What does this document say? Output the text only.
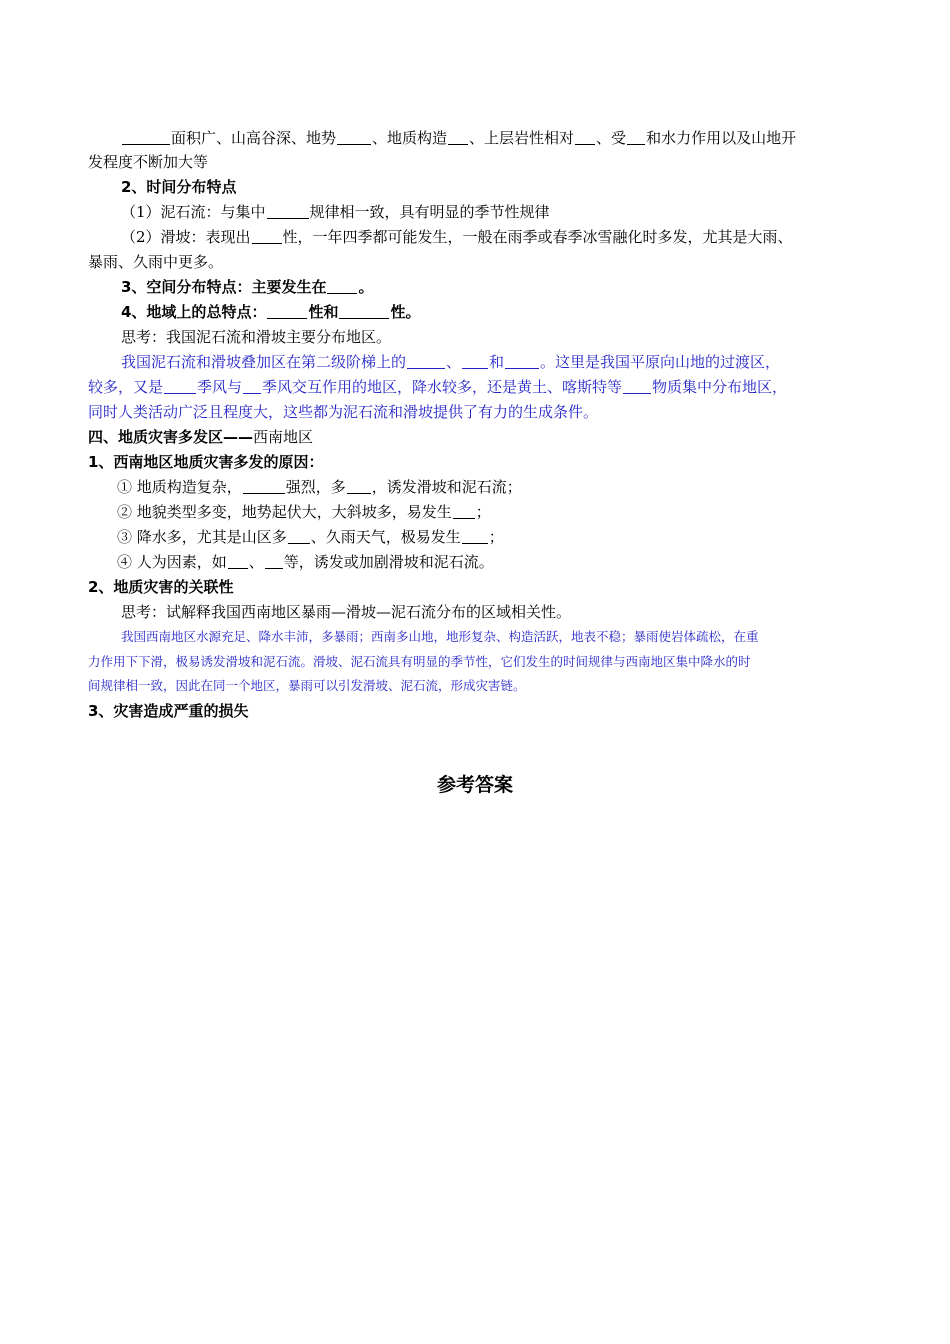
面积广、山高谷深、地势 、地质构造 、上层岩性相对 、受 和水力作用以及山地开
发程度不断加大等
2、时间分布特点
（1）泥石流：与集中	规律相一致，具有明显的季节性规律
（2）滑坡：表现出 性，一年四季都可能发生，一般在雨季或春季冰雪融化时多发，尤其是大雨、
暴雨、久雨中更多。
3、空间分布特点：主要发生在 。
4、地域上的总特点：	性和	性。
思考：我国泥石流和滑坡主要分布地区。
我国泥石流和滑坡叠加区在第二级阶梯上的	、 和 。这里是我国平原向山地的过渡区，
较多，又是 季风与 季风交互作用的地区，降水较多，还是黄土、喀斯特等 物质集中分布地区，
同时人类活动广泛且程度大，这些都为泥石流和滑坡提供了有力的生成条件。
四、地质灾害多发区——西南地区
1、西南地区地质灾害多发的原因：
① 地质构造复杂，	强烈，多 ，诱发滑坡和泥石流；
② 地貌类型多变，地势起伏大，大斜坡多，易发生 ；
③ 降水多，尤其是山区多 、久雨天气，极易发生 ；
④ 人为因素，如 、 等，诱发或加剧滑坡和泥石流。
2、地质灾害的关联性
思考：试解释我国西南地区暴雨—滑坡—泥石流分布的区域相关性。
我国西南地区水源充足、降水丰沛，多暴雨；西南多山地，地形复杂、构造活跃，地表不稳；暴雨使岩体疏松，在重
力作用下下滑，极易诱发滑坡和泥石流。滑坡、泥石流具有明显的季节性，它们发生的时间规律与西南地区集中降水的时
间规律相一致，因此在同一个地区，暴雨可以引发滑坡、泥石流，形成灾害链。
3、灾害造成严重的损失
参考答案
